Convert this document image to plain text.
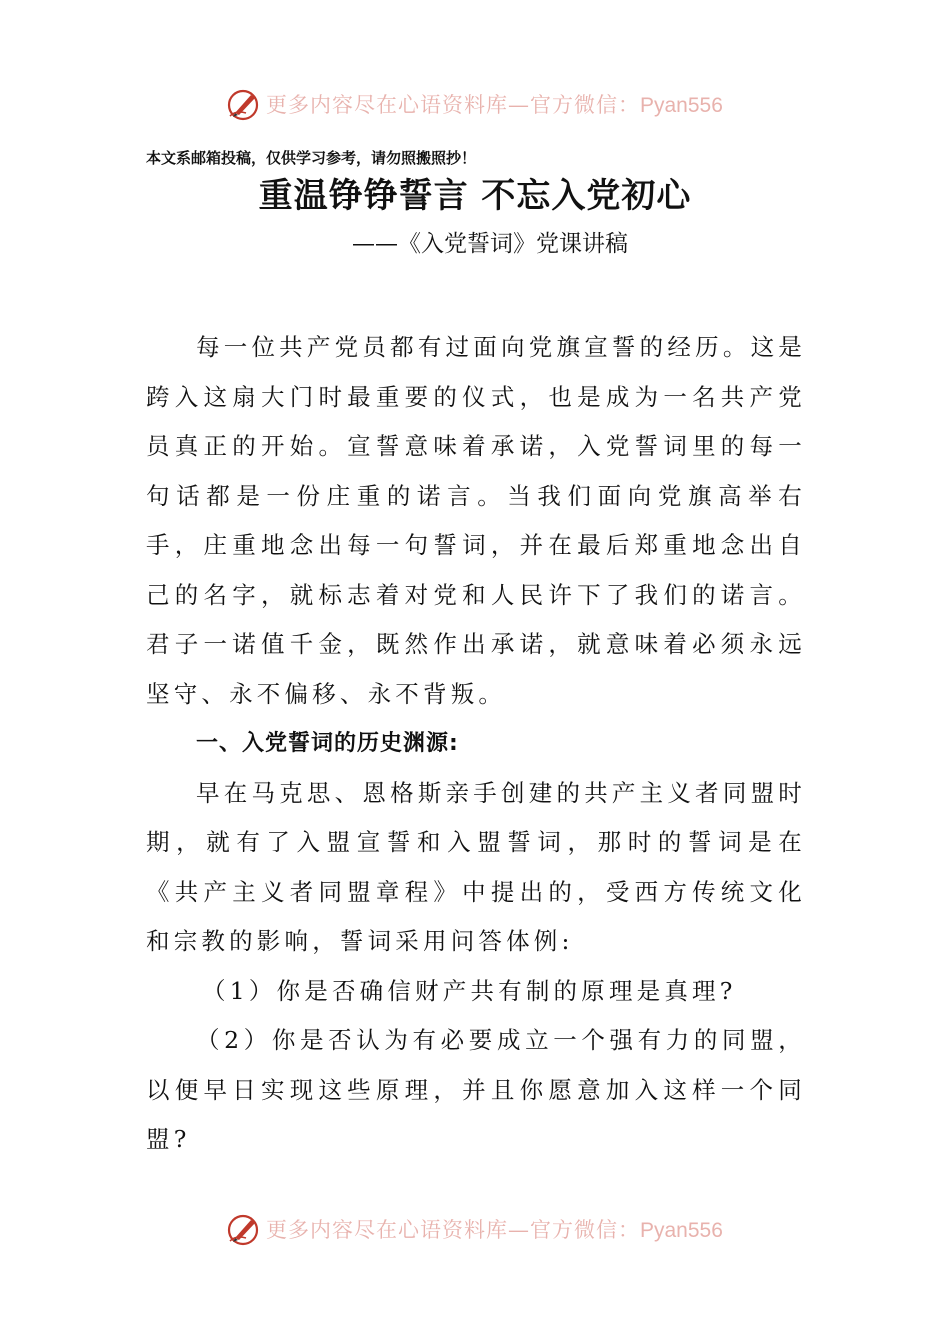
更多内容尽在心语资料库—官方微信：Pyan556
本文系邮箱投稿，仅供学习参考，请勿照搬照抄！
重温铮铮誓言 不忘入党初心
——《入党誓词》党课讲稿

每一位共产党员都有过面向党旗宣誓的经历。这是跨入这扇大门时最重要的仪式，也是成为一名共产党员真正的开始。宣誓意味着承诺，入党誓词里的每一句话都是一份庄重的诺言。当我们面向党旗高举右手，庄重地念出每一句誓词，并在最后郑重地念出自己的名字，就标志着对党和人民许下了我们的诺言。君子一诺值千金，既然作出承诺，就意味着必须永远坚守、永不偏移、永不背叛。

一、入党誓词的历史渊源:

早在马克思、恩格斯亲手创建的共产主义者同盟时期，就有了入盟宣誓和入盟誓词，那时的誓词是在《共产主义者同盟章程》中提出的，受西方传统文化和宗教的影响，誓词采用问答体例:

（1）你是否确信财产共有制的原理是真理?

（2）你是否认为有必要成立一个强有力的同盟，以便早日实现这些原理，并且你愿意加入这样一个同盟?

更多内容尽在心语资料库—官方微信：Pyan556
